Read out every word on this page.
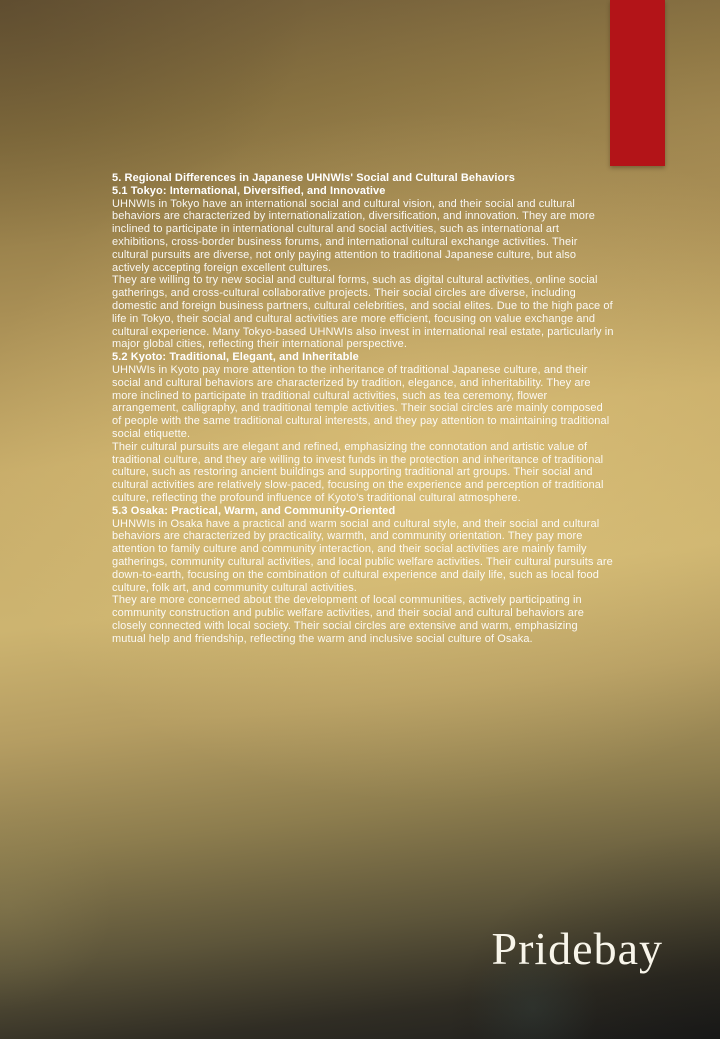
5. Regional Differences in Japanese UHNWIs' Social and Cultural Behaviors
5.1 Tokyo: International, Diversified, and Innovative

UHNWIs in Tokyo have an international social and cultural vision, and their social and cultural behaviors are characterized by internationalization, diversification, and innovation. They are more inclined to participate in international cultural and social activities, such as international art exhibitions, cross-border business forums, and international cultural exchange activities. Their cultural pursuits are diverse, not only paying attention to traditional Japanese culture, but also actively accepting foreign excellent cultures.

They are willing to try new social and cultural forms, such as digital cultural activities, online social gatherings, and cross-cultural collaborative projects. Their social circles are diverse, including domestic and foreign business partners, cultural celebrities, and social elites. Due to the high pace of life in Tokyo, their social and cultural activities are more efficient, focusing on value exchange and cultural experience. Many Tokyo-based UHNWIs also invest in international real estate, particularly in major global cities, reflecting their international perspective.

5.2 Kyoto: Traditional, Elegant, and Inheritable

UHNWIs in Kyoto pay more attention to the inheritance of traditional Japanese culture, and their social and cultural behaviors are characterized by tradition, elegance, and inheritability. They are more inclined to participate in traditional cultural activities, such as tea ceremony, flower arrangement, calligraphy, and traditional temple activities. Their social circles are mainly composed of people with the same traditional cultural interests, and they pay attention to maintaining traditional social etiquette.

Their cultural pursuits are elegant and refined, emphasizing the connotation and artistic value of traditional culture, and they are willing to invest funds in the protection and inheritance of traditional culture, such as restoring ancient buildings and supporting traditional art groups. Their social and cultural activities are relatively slow-paced, focusing on the experience and perception of traditional culture, reflecting the profound influence of Kyoto's traditional cultural atmosphere.

5.3 Osaka: Practical, Warm, and Community-Oriented

UHNWIs in Osaka have a practical and warm social and cultural style, and their social and cultural behaviors are characterized by practicality, warmth, and community orientation. They pay more attention to family culture and community interaction, and their social activities are mainly family gatherings, community cultural activities, and local public welfare activities. Their cultural pursuits are down-to-earth, focusing on the combination of cultural experience and daily life, such as local food culture, folk art, and community cultural activities.

They are more concerned about the development of local communities, actively participating in community construction and public welfare activities, and their social and cultural behaviors are closely connected with local society. Their social circles are extensive and warm, emphasizing mutual help and friendship, reflecting the warm and inclusive social culture of Osaka.

Pridebay
